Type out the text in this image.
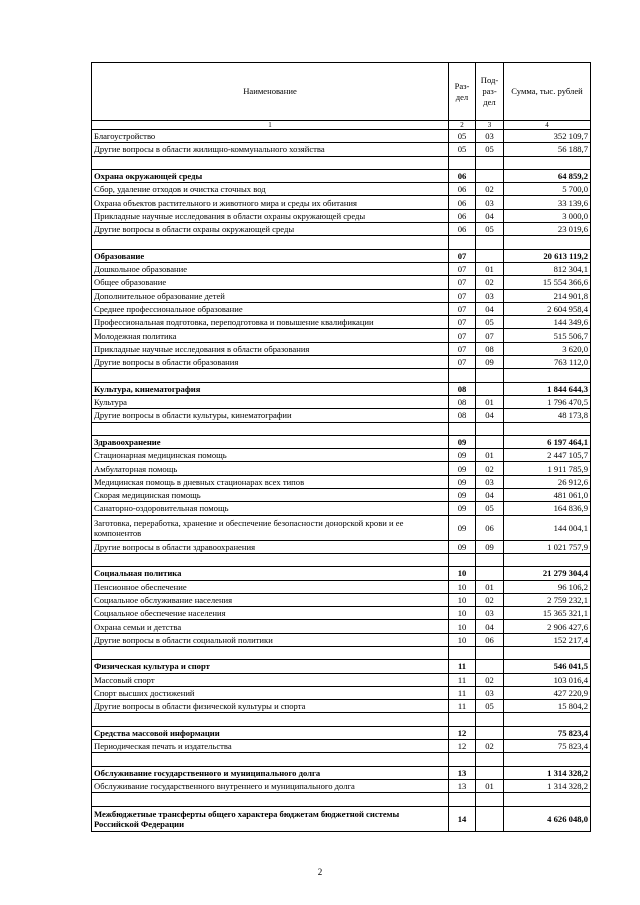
Наименование	Раз-дел	Под-раз-дел	Сумма, тыс. рублей
1	2	3	4
Благоустройство	05	03	352 109,7
Другие вопросы в области жилищно-коммунального хозяйства	05	05	56 188,7

Охрана окружающей среды	06		64 859,2
Сбор, удаление отходов и очистка сточных вод	06	02	5 700,0
Охрана объектов растительного и животного мира и среды их обитания	06	03	33 139,6
Прикладные научные исследования в области охраны окружающей среды	06	04	3 000,0
Другие вопросы в области охраны окружающей среды	06	05	23 019,6

Образование	07		20 613 119,2
Дошкольное образование	07	01	812 304,1
Общее образование	07	02	15 554 366,6
Дополнительное образование детей	07	03	214 901,8
Среднее профессиональное образование	07	04	2 604 958,4
Профессиональная подготовка, переподготовка и повышение квалификации	07	05	144 349,6
Молодежная политика	07	07	515 506,7
Прикладные научные исследования в области образования	07	08	3 620,0
Другие вопросы в области образования	07	09	763 112,0

Культура, кинематография	08		1 844 644,3
Культура	08	01	1 796 470,5
Другие вопросы в области культуры, кинематографии	08	04	48 173,8

Здравоохранение	09		6 197 464,1
Стационарная медицинская помощь	09	01	2 447 105,7
Амбулаторная помощь	09	02	1 911 785,9
Медицинская помощь в дневных стационарах всех типов	09	03	26 912,6
Скорая медицинская помощь	09	04	481 061,0
Санаторно-оздоровительная помощь	09	05	164 836,9
Заготовка, переработка, хранение и обеспечение безопасности донорской крови и ее компонентов	09	06	144 004,1
Другие вопросы в области здравоохранения	09	09	1 021 757,9

Социальная политика	10		21 279 304,4
Пенсионное обеспечение	10	01	96 106,2
Социальное обслуживание населения	10	02	2 759 232,1
Социальное обеспечение населения	10	03	15 365 321,1
Охрана семьи и детства	10	04	2 906 427,6
Другие вопросы в области социальной политики	10	06	152 217,4

Физическая культура и спорт	11		546 041,5
Массовый спорт	11	02	103 016,4
Спорт высших достижений	11	03	427 220,9
Другие вопросы в области физической культуры и спорта	11	05	15 804,2

Средства массовой информации	12		75 823,4
Периодическая печать и издательства	12	02	75 823,4

Обслуживание государственного и муниципального долга	13		1 314 328,2
Обслуживание государственного внутреннего и муниципального долга	13	01	1 314 328,2

Межбюджетные трансферты общего характера бюджетам бюджетной системы Российской Федерации	14		4 626 048,0
2
